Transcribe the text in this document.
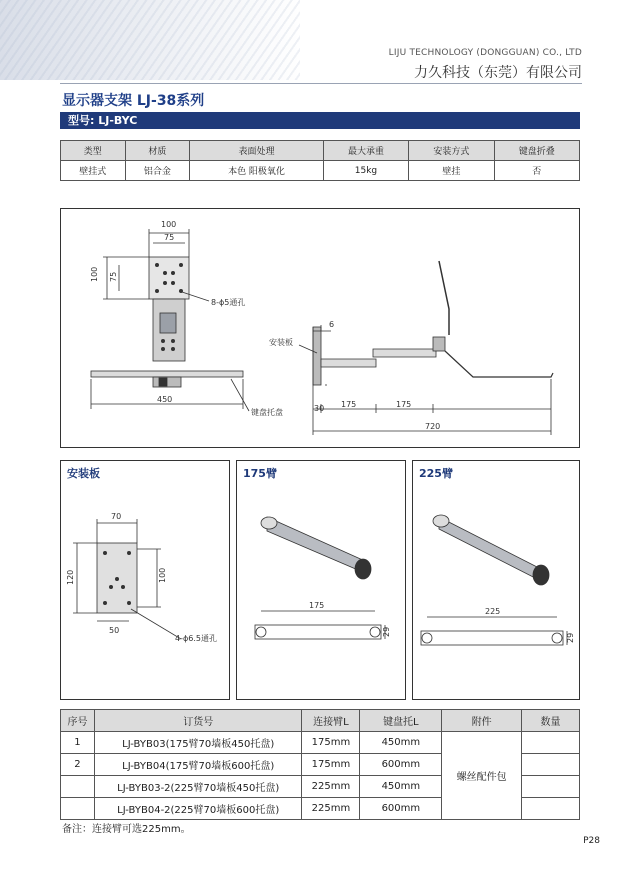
LIJU TECHNOLOGY (DONGGUAN) CO., LTD
力久科技（东莞）有限公司
显示器支架 LJ-38系列
型号: LJ-BYC
类型	材质	表面处理	最大承重	安装方式	键盘折叠
壁挂式	铝合金	本色 阳极氧化	15kg	壁挂	否
100
75
100 75
8-ϕ5通孔
450
键盘托盘
安装板
6
30 175	175
720
安装板
70
120	100
50
4-ϕ6.5通孔
175臂
175
29
225臂
225
29
序号	订货号	连接臂L	键盘托L	附件	数量
1	LJ-BYB03(175臂70墙板450托盘)	175mm	450mm	螺丝配件包	
2	LJ-BYB04(175臂70墙板600托盘)	175mm	600mm		
	LJ-BYB03-2(225臂70墙板450托盘)	225mm	450mm		
	LJ-BYB04-2(225臂70墙板600托盘)	225mm	600mm		
备注：连接臂可选225mm。
P28
